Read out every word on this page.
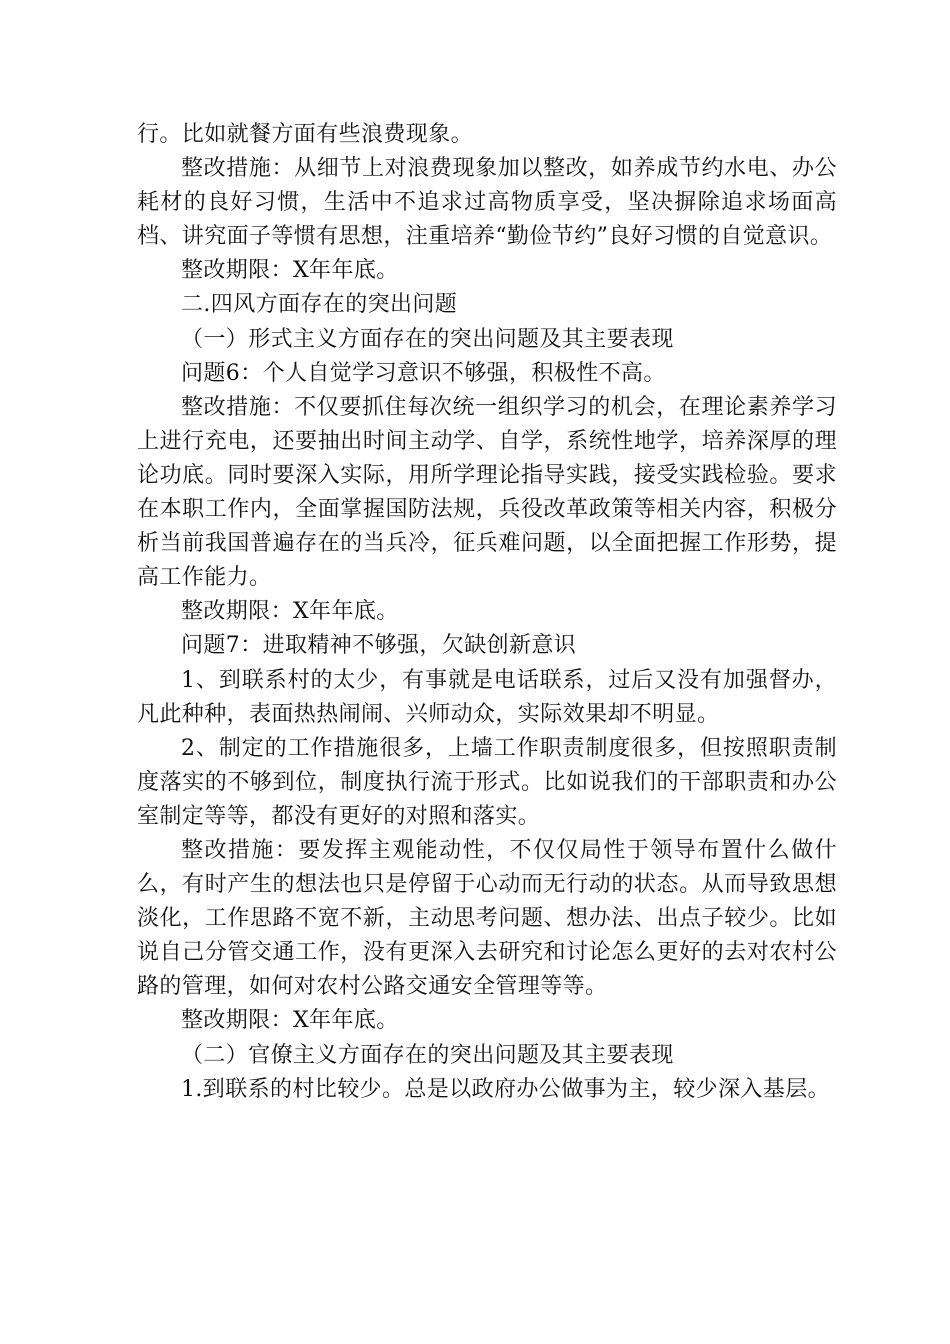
行。比如就餐方面有些浪费现象。

整改措施：从细节上对浪费现象加以整改，如养成节约水电、办公耗材的良好习惯，生活中不追求过高物质享受，坚决摒除追求场面高档、讲究面子等惯有思想，注重培养“勤俭节约”良好习惯的自觉意识。

整改期限：X年年底。

二.四风方面存在的突出问题

（一）形式主义方面存在的突出问题及其主要表现

问题6：个人自觉学习意识不够强，积极性不高。

整改措施：不仅要抓住每次统一组织学习的机会，在理论素养学习上进行充电，还要抽出时间主动学、自学，系统性地学，培养深厚的理论功底。同时要深入实际，用所学理论指导实践，接受实践检验。要求在本职工作内，全面掌握国防法规，兵役改革政策等相关内容，积极分析当前我国普遍存在的当兵冷，征兵难问题，以全面把握工作形势，提高工作能力。

整改期限：X年年底。

问题7：进取精神不够强，欠缺创新意识

1、到联系村的太少，有事就是电话联系，过后又没有加强督办，凡此种种，表面热热闹闹、兴师动众，实际效果却不明显。

2、制定的工作措施很多，上墙工作职责制度很多，但按照职责制度落实的不够到位，制度执行流于形式。比如说我们的干部职责和办公室制定等等，都没有更好的对照和落实。

整改措施：要发挥主观能动性，不仅仅局性于领导布置什么做什么，有时产生的想法也只是停留于心动而无行动的状态。从而导致思想淡化，工作思路不宽不新，主动思考问题、想办法、出点子较少。比如说自己分管交通工作，没有更深入去研究和讨论怎么更好的去对农村公路的管理，如何对农村公路交通安全管理等等。

整改期限：X年年底。

（二）官僚主义方面存在的突出问题及其主要表现

1.到联系的村比较少。总是以政府办公做事为主，较少深入基层。
